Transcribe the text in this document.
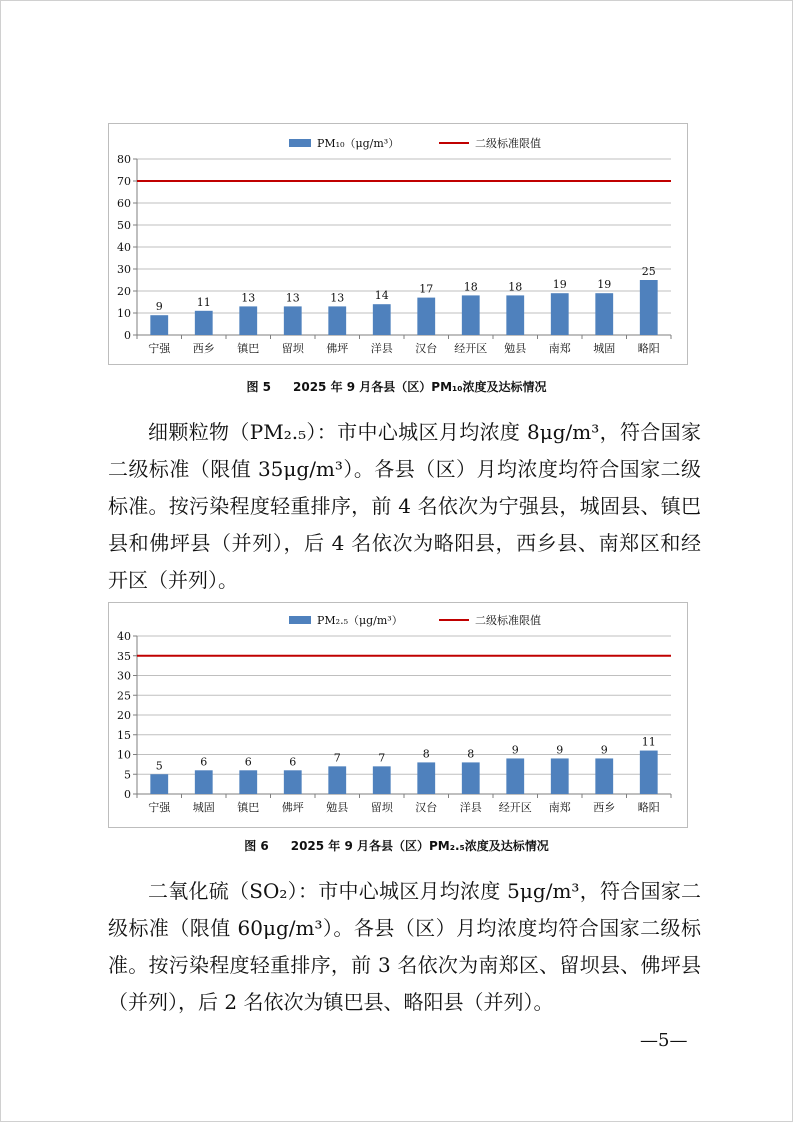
PM₁₀（μg/m³）	二级标准限值
0
10
20
30
40
50
60
70
80
9
宁强
11
西乡
13
镇巴
13
留坝
13
佛坪
14
洋县
17
汉台
18
经开区
18
勉县
19
南郑
19
城固
25
略阳
图 5 2025 年 9 月各县（区）PM₁₀浓度及达标情况

细颗粒物（PM₂.₅）：市中心城区月均浓度 8μg/m³，符合国家二级标准（限值 35μg/m³）。各县（区）月均浓度均符合国家二级标准。按污染程度轻重排序，前 4 名依次为宁强县，城固县、镇巴县和佛坪县（并列），后 4 名依次为略阳县，西乡县、南郑区和经开区（并列）。

PM₂.₅（μg/m³）	二级标准限值
0
5
10
15
20
25
30
35
40
5
宁强
6
城固
6
镇巴
6
佛坪
7
勉县
7
留坝
8
汉台
8
洋县
9
经开区
9
南郑
9
西乡
11
略阳
图 6 2025 年 9 月各县（区）PM₂.₅浓度及达标情况

二氧化硫（SO₂）：市中心城区月均浓度 5μg/m³，符合国家二级标准（限值 60μg/m³）。各县（区）月均浓度均符合国家二级标准。按污染程度轻重排序，前 3 名依次为南郑区、留坝县、佛坪县（并列），后 2 名依次为镇巴县、略阳县（并列）。

—5—
